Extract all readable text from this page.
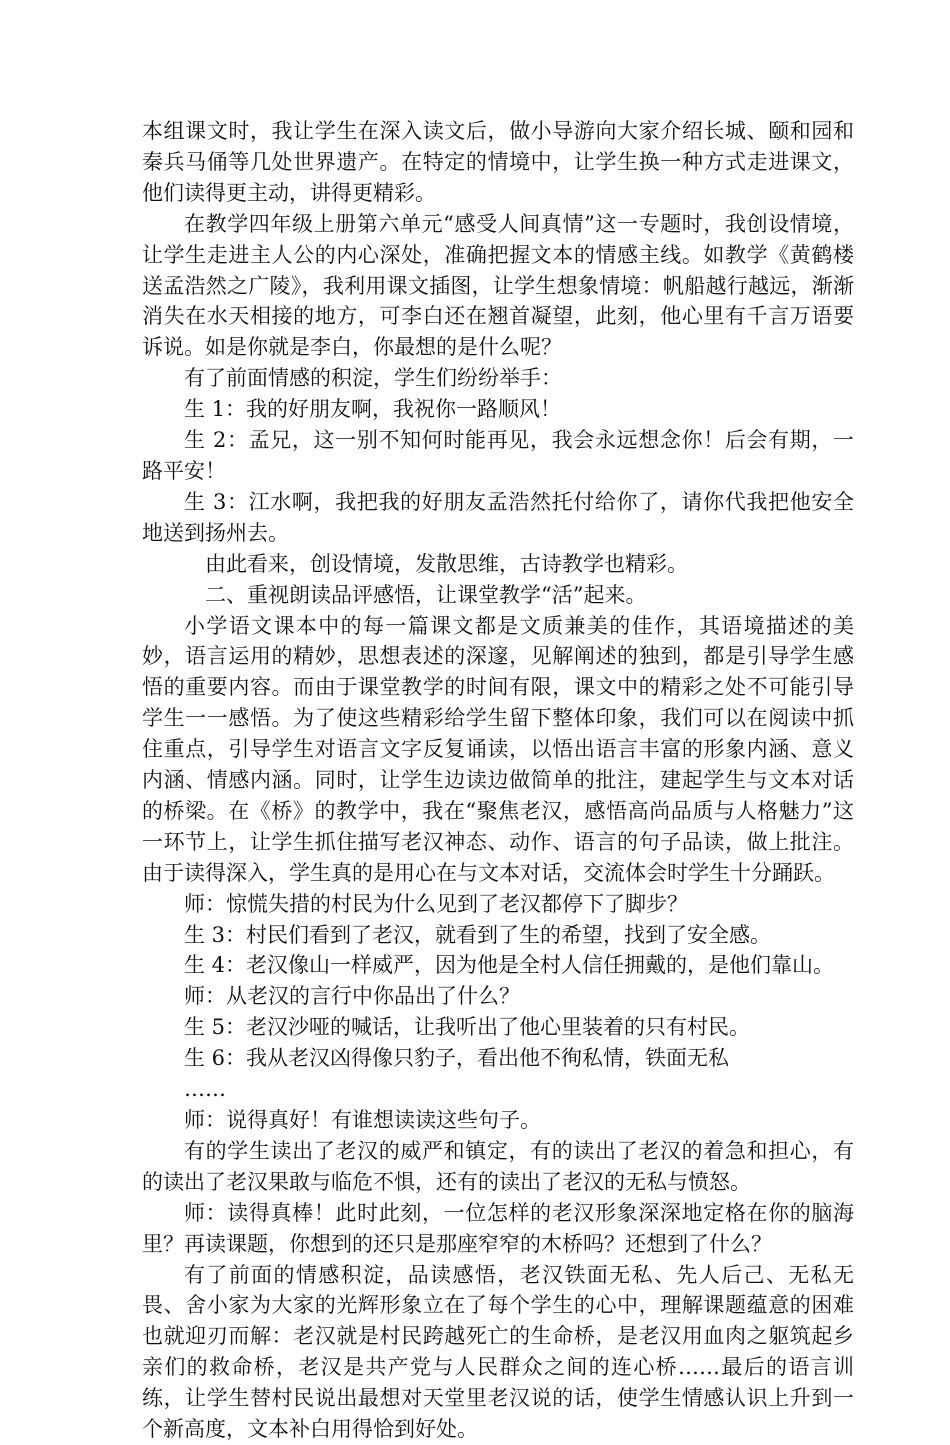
本组课文时，我让学生在深入读文后，做小导游向大家介绍长城、颐和园和秦兵马俑等几处世界遗产。在特定的情境中，让学生换一种方式走进课文，他们读得更主动，讲得更精彩。

在教学四年级上册第六单元“感受人间真情”这一专题时，我创设情境，让学生走进主人公的内心深处，准确把握文本的情感主线。如教学《黄鹤楼送孟浩然之广陵》，我利用课文插图，让学生想象情境：帆船越行越远，渐渐消失在水天相接的地方，可李白还在翘首凝望，此刻，他心里有千言万语要诉说。如是你就是李白，你最想的是什么呢？

有了前面情感的积淀，学生们纷纷举手：

生 1：我的好朋友啊，我祝你一路顺风！

生 2：孟兄，这一别不知何时能再见，我会永远想念你！后会有期，一路平安！

生 3：江水啊，我把我的好朋友孟浩然托付给你了，请你代我把他安全地送到扬州去。

由此看来，创设情境，发散思维，古诗教学也精彩。

二、重视朗读品评感悟，让课堂教学“活”起来。

小学语文课本中的每一篇课文都是文质兼美的佳作，其语境描述的美妙，语言运用的精妙，思想表述的深邃，见解阐述的独到，都是引导学生感悟的重要内容。而由于课堂教学的时间有限，课文中的精彩之处不可能引导学生一一感悟。为了使这些精彩给学生留下整体印象，我们可以在阅读中抓住重点，引导学生对语言文字反复诵读，以悟出语言丰富的形象内涵、意义内涵、情感内涵。同时，让学生边读边做简单的批注，建起学生与文本对话的桥梁。在《桥》的教学中，我在“聚焦老汉，感悟高尚品质与人格魅力”这一环节上，让学生抓住描写老汉神态、动作、语言的句子品读，做上批注。由于读得深入，学生真的是用心在与文本对话，交流体会时学生十分踊跃。

师：惊慌失措的村民为什么见到了老汉都停下了脚步？

生 3：村民们看到了老汉，就看到了生的希望，找到了安全感。

生 4：老汉像山一样威严，因为他是全村人信任拥戴的，是他们靠山。

师：从老汉的言行中你品出了什么？

生 5：老汉沙哑的喊话，让我听出了他心里装着的只有村民。

生 6：我从老汉凶得像只豹子，看出他不徇私情，铁面无私

……

师：说得真好！有谁想读读这些句子。

有的学生读出了老汉的威严和镇定，有的读出了老汉的着急和担心，有的读出了老汉果敢与临危不惧，还有的读出了老汉的无私与愤怒。

师：读得真棒！此时此刻，一位怎样的老汉形象深深地定格在你的脑海里？再读课题，你想到的还只是那座窄窄的木桥吗？还想到了什么？

有了前面的情感积淀，品读感悟，老汉铁面无私、先人后己、无私无畏、舍小家为大家的光辉形象立在了每个学生的心中，理解课题蕴意的困难也就迎刃而解：老汉就是村民跨越死亡的生命桥，是老汉用血肉之躯筑起乡亲们的救命桥，老汉是共产党与人民群众之间的连心桥……最后的语言训练，让学生替村民说出最想对天堂里老汉说的话，使学生情感认识上升到一个新高度，文本补白用得恰到好处。
